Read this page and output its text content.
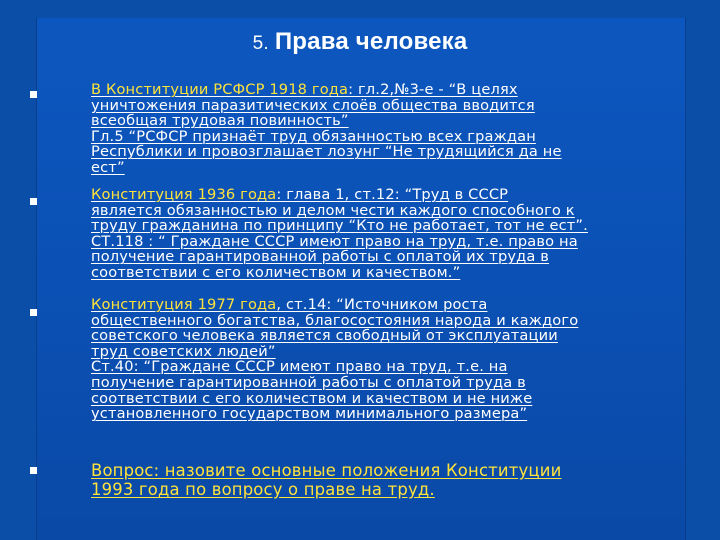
5. Права человека
В Конституции РСФСР 1918 года: гл.2,№3-е - “В целях
уничтожения паразитических слоёв общества вводится
всеобщая трудовая повинность”
Гл.5 “РСФСР признаёт труд обязанностью всех граждан
Республики и провозглашает лозунг “Не трудящийся да не
ест”
Конституция 1936 года: глава 1, ст.12: “Труд в СССР
является обязанностью и делом чести каждого способного к
труду гражданина по принципу “Кто не работает, тот не ест”.
СТ.118 : “ Граждане СССР имеют право на труд, т.е. право на
получение гарантированной работы с оплатой их труда в
соответствии с его количеством и качеством.”
Конституция 1977 года, ст.14: “Источником роста
общественного богатства, благосостояния народа и каждого
советского человека является свободный от эксплуатации
труд советских людей”
Ст.40: “Граждане СССР имеют право на труд, т.е. на
получение гарантированной работы с оплатой труда в
соответствии с его количеством и качеством и не ниже
установленного государством минимального размера”
Вопрос: назовите основные положения Конституции
1993 года по вопросу о праве на труд.
